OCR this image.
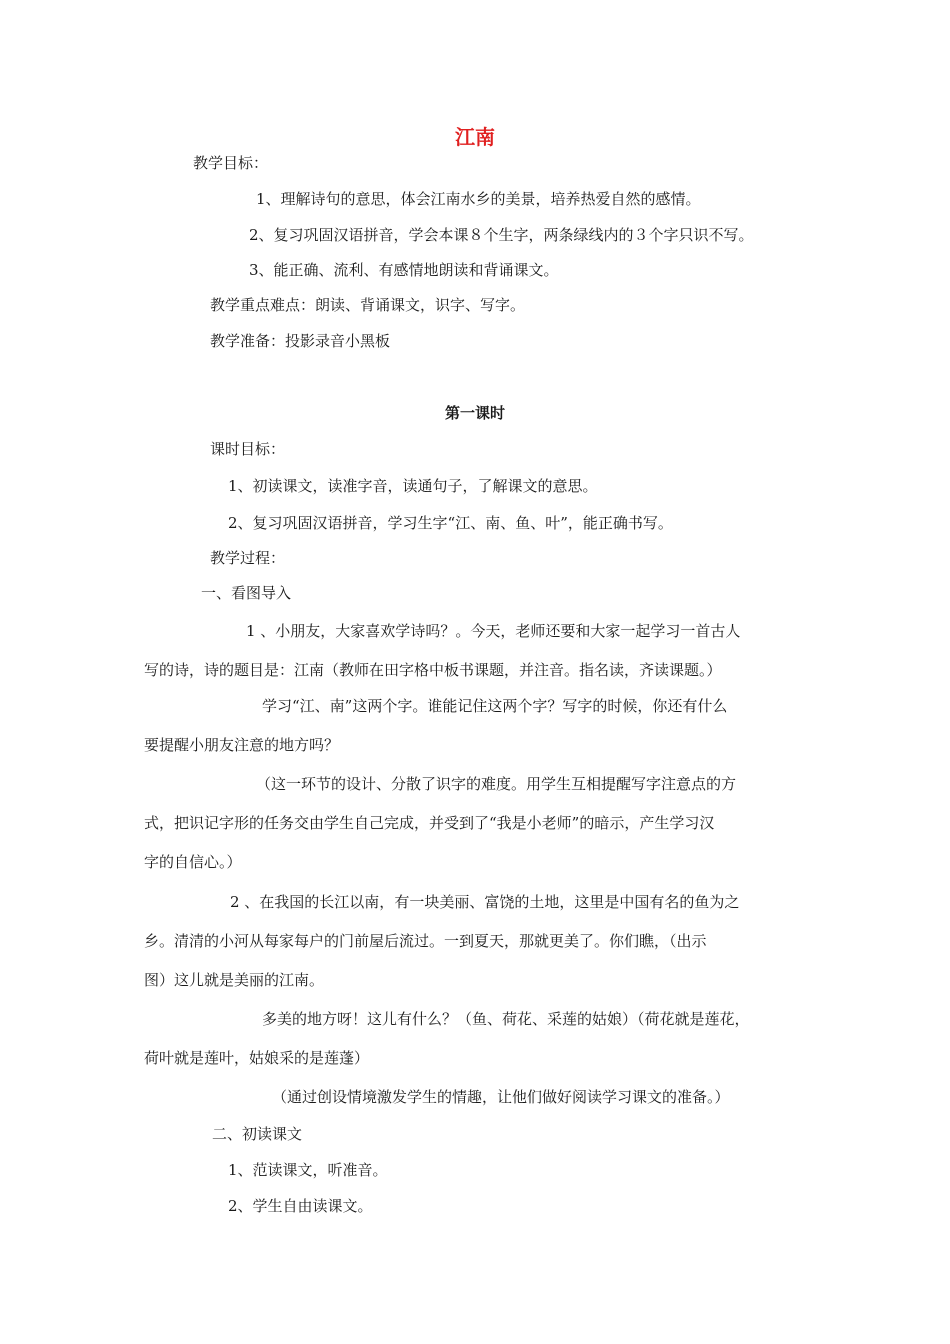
江南
教学目标：
1、理解诗句的意思，体会江南水乡的美景，培养热爱自然的感情。
2、复习巩固汉语拼音，学会本课８个生字，两条绿线内的３个字只识不写。
3、能正确、流利、有感情地朗读和背诵课文。
教学重点难点：朗读、背诵课文，识字、写字。
教学准备：投影录音小黑板
第一课时
课时目标：
1、初读课文，读准字音，读通句子，了解课文的意思。
2、复习巩固汉语拼音，学习生字“江、南、鱼、叶”，能正确书写。
教学过程：
一、看图导入
1 、小朋友，大家喜欢学诗吗？。今天，老师还要和大家一起学习一首古人
写的诗，诗的题目是：江南（教师在田字格中板书课题，并注音。指名读，齐读课题。）
学习“江、南”这两个字。谁能记住这两个字？写字的时候，你还有什么
要提醒小朋友注意的地方吗？
（这一环节的设计、分散了识字的难度。用学生互相提醒写字注意点的方
式，把识记字形的任务交由学生自己完成，并受到了“我是小老师”的暗示，产生学习汉
字的自信心。）
2 、在我国的长江以南，有一块美丽、富饶的土地，这里是中国有名的鱼为之
乡。清清的小河从每家每户的门前屋后流过。一到夏天，那就更美了。你们瞧，（出示
图）这儿就是美丽的江南。
多美的地方呀！这儿有什么？（鱼、荷花、采莲的姑娘）（荷花就是莲花，
荷叶就是莲叶，姑娘采的是莲蓬）
（通过创设情境激发学生的情趣，让他们做好阅读学习课文的准备。）
二、初读课文
1、范读课文，听准音。
2、学生自由读课文。
